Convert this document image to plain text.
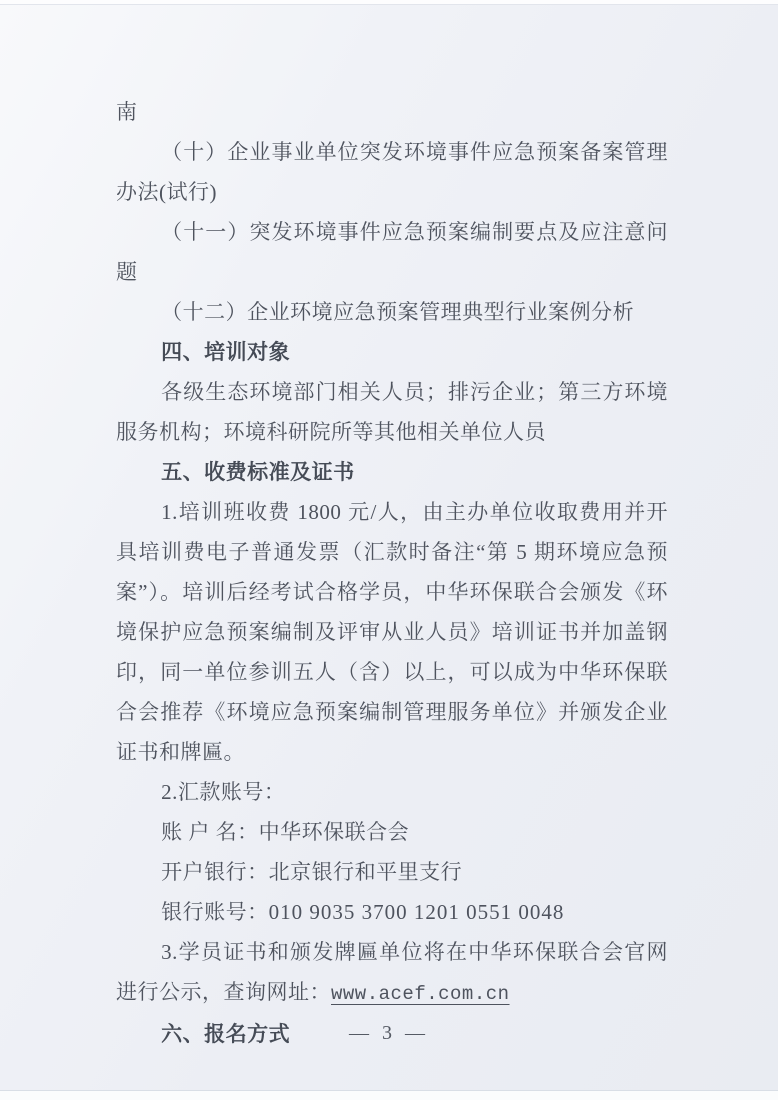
南

（十）企业事业单位突发环境事件应急预案备案管理办法(试行)

（十一）突发环境事件应急预案编制要点及应注意问题

（十二）企业环境应急预案管理典型行业案例分析

四、培训对象

各级生态环境部门相关人员；排污企业；第三方环境服务机构；环境科研院所等其他相关单位人员

五、收费标准及证书

1.培训班收费 1800 元/人，由主办单位收取费用并开具培训费电子普通发票（汇款时备注“第 5 期环境应急预案”）。培训后经考试合格学员，中华环保联合会颁发《环境保护应急预案编制及评审从业人员》培训证书并加盖钢印，同一单位参训五人（含）以上，可以成为中华环保联合会推荐《环境应急预案编制管理服务单位》并颁发企业证书和牌匾。

2.汇款账号：

账 户 名：中华环保联合会

开户银行：北京银行和平里支行

银行账号：010 9035 3700 1201 0551 0048

3.学员证书和颁发牌匾单位将在中华环保联合会官网进行公示，查询网址：www.acef.com.cn

六、报名方式	— 3 —
